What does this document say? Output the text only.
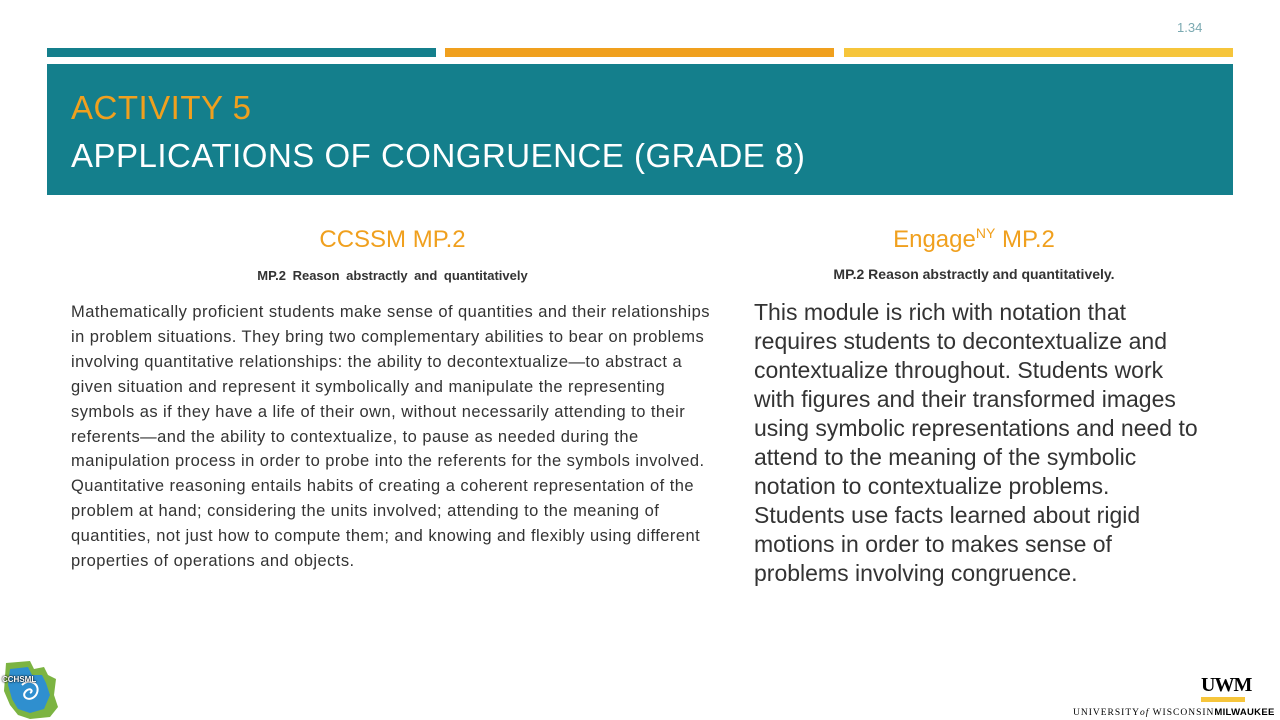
1.34
ACTIVITY 5
APPLICATIONS OF CONGRUENCE (GRADE 8)
CCSSM MP.2
MP.2 Reason abstractly and quantitatively
Mathematically proficient students make sense of quantities and their relationships in problem situations. They bring two complementary abilities to bear on problems involving quantitative relationships: the ability to decontextualize—to abstract a given situation and represent it symbolically and manipulate the representing symbols as if they have a life of their own, without necessarily attending to their referents—and the ability to contextualize, to pause as needed during the manipulation process in order to probe into the referents for the symbols involved. Quantitative reasoning entails habits of creating a coherent representation of the problem at hand; considering the units involved; attending to the meaning of quantities, not just how to compute them; and knowing and flexibly using different properties of operations and objects.
Engage$^{NY}$ MP.2
MP.2 Reason abstractly and quantitatively.
This module is rich with notation that requires students to decontextualize and contextualize throughout. Students work with figures and their transformed images using symbolic representations and need to attend to the meaning of the symbolic notation to contextualize problems. Students use facts learned about rigid motions in order to makes sense of problems involving congruence.
CCHSML	UWM
UNIVERSITYof WISCONSINMILWAUKEE
